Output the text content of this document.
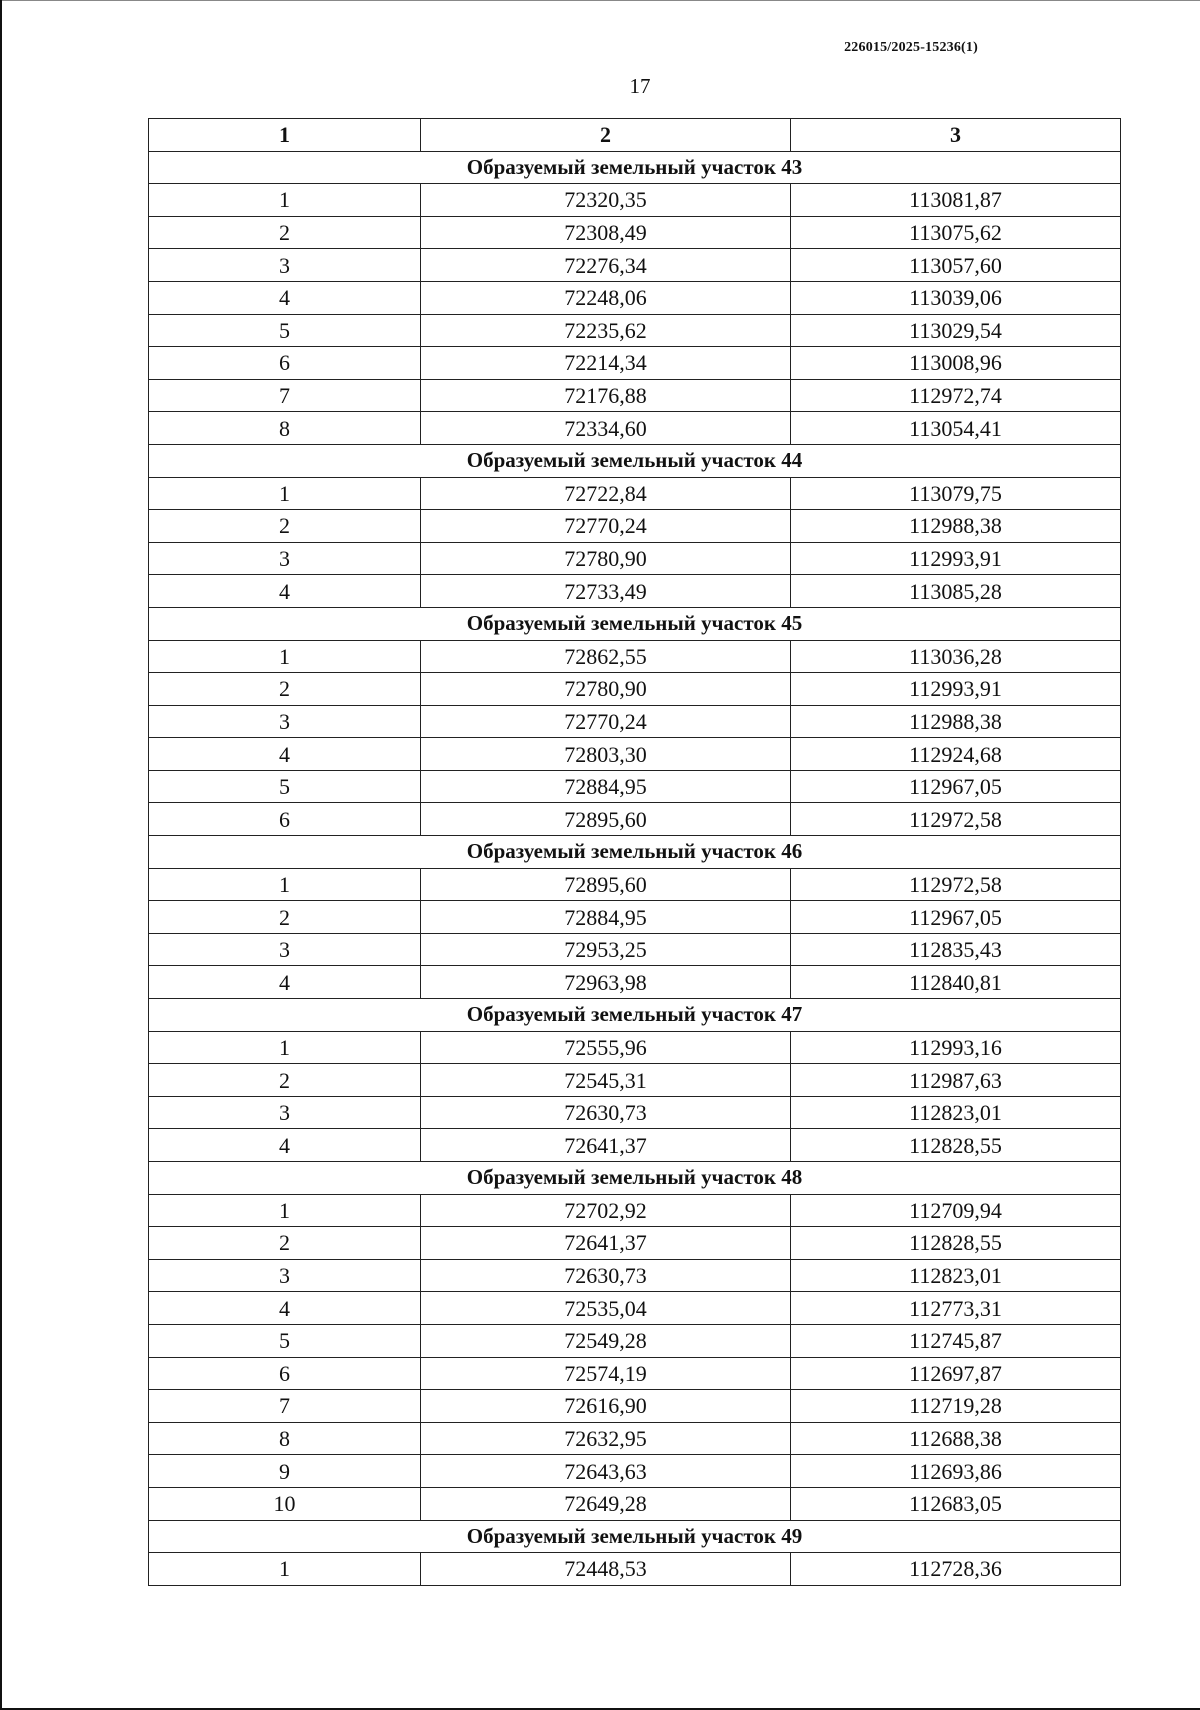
226015/2025-15236(1)
17
1	2	3
Образуемый земельный участок 43		
1	72320,35	113081,87
2	72308,49	113075,62
3	72276,34	113057,60
4	72248,06	113039,06
5	72235,62	113029,54
6	72214,34	113008,96
7	72176,88	112972,74
8	72334,60	113054,41
Образуемый земельный участок 44		
1	72722,84	113079,75
2	72770,24	112988,38
3	72780,90	112993,91
4	72733,49	113085,28
Образуемый земельный участок 45		
1	72862,55	113036,28
2	72780,90	112993,91
3	72770,24	112988,38
4	72803,30	112924,68
5	72884,95	112967,05
6	72895,60	112972,58
Образуемый земельный участок 46		
1	72895,60	112972,58
2	72884,95	112967,05
3	72953,25	112835,43
4	72963,98	112840,81
Образуемый земельный участок 47		
1	72555,96	112993,16
2	72545,31	112987,63
3	72630,73	112823,01
4	72641,37	112828,55
Образуемый земельный участок 48		
1	72702,92	112709,94
2	72641,37	112828,55
3	72630,73	112823,01
4	72535,04	112773,31
5	72549,28	112745,87
6	72574,19	112697,87
7	72616,90	112719,28
8	72632,95	112688,38
9	72643,63	112693,86
10	72649,28	112683,05
Образуемый земельный участок 49		
1	72448,53	112728,36
